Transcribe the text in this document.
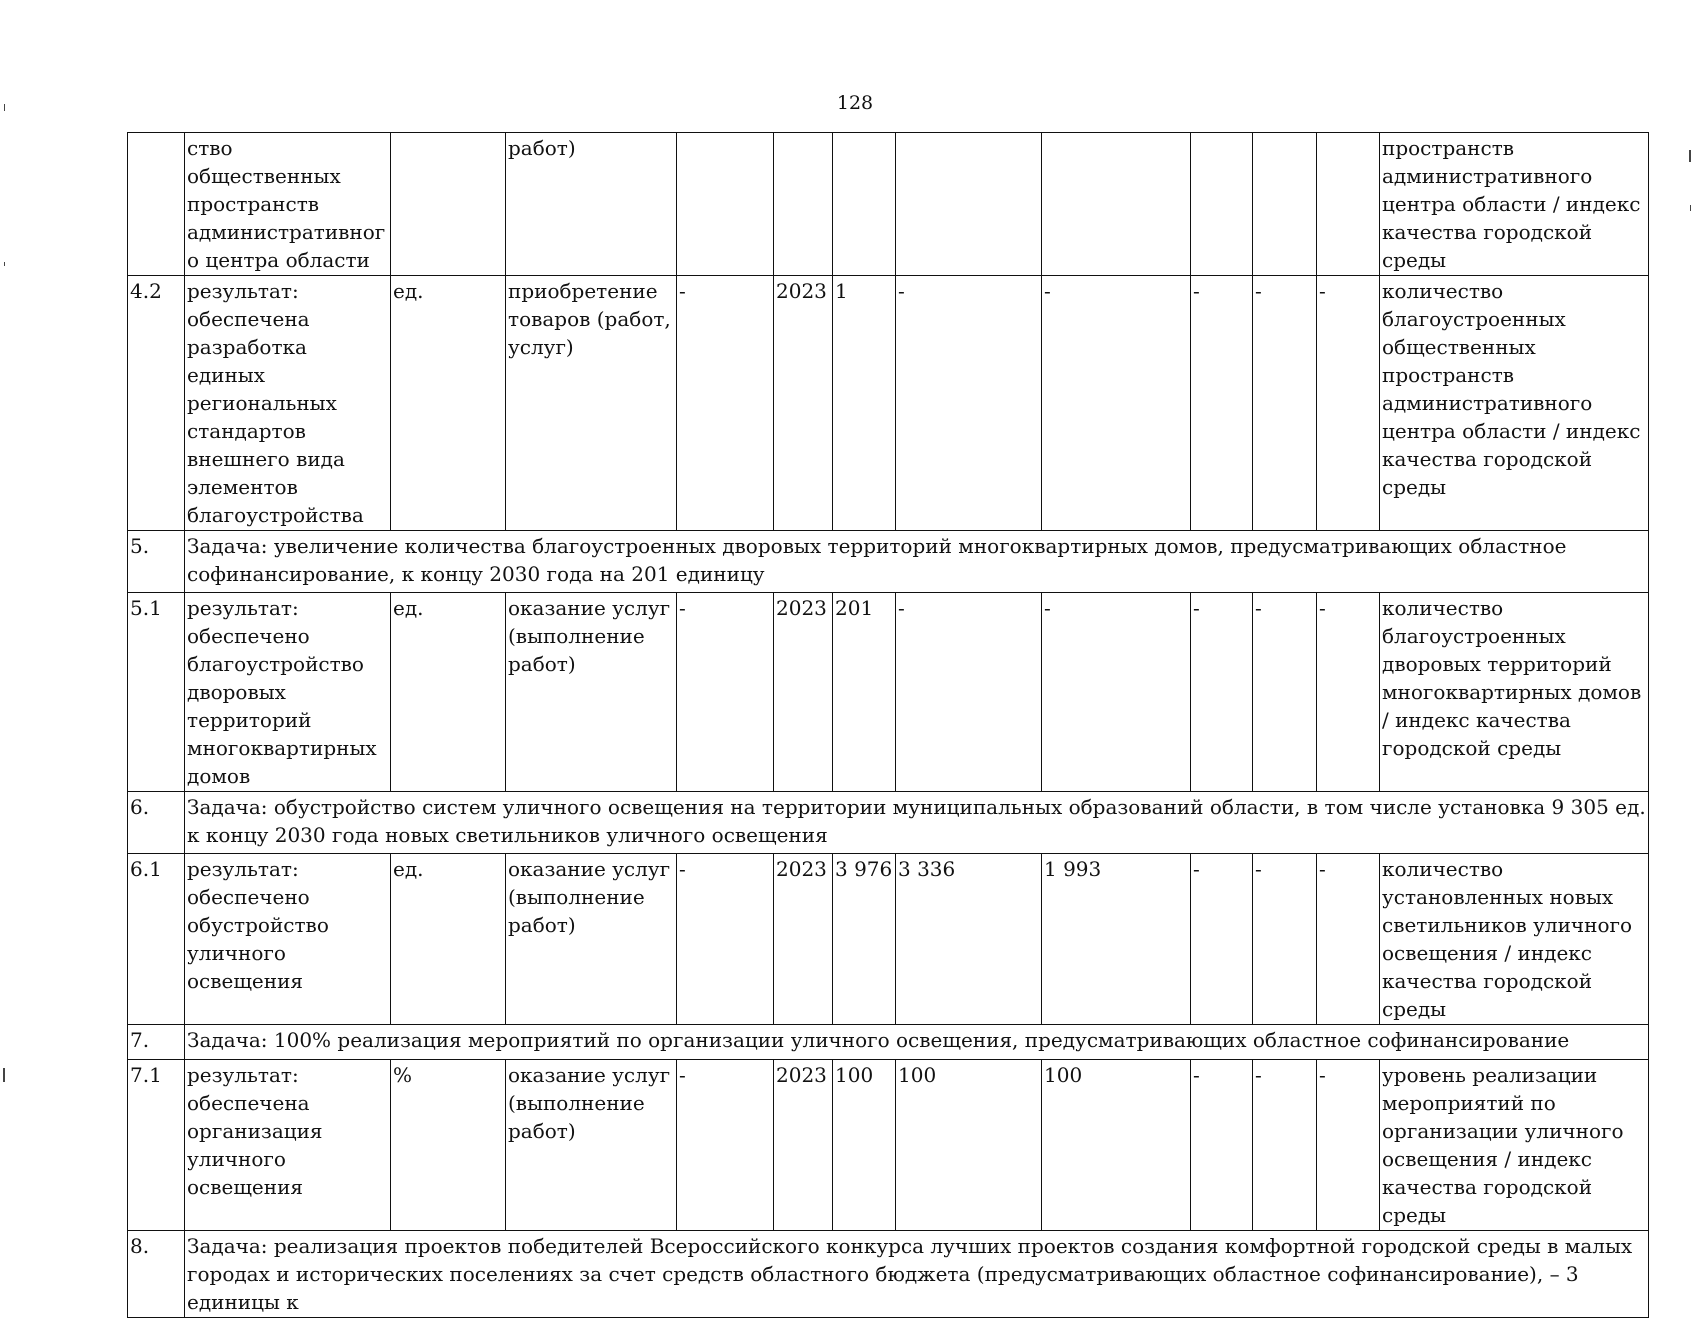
128
	ство общественных пространств административного центра области		работ)									пространств административного центра области / индекс качества городской среды
4.2	результат: обеспечена разработка единых региональных стандартов внешнего вида элементов благоустройства	ед.	приобретение товаров (работ, услуг)	-	2023	1	-	-	-	-	-	количество благоустроенных общественных пространств административного центра области / индекс качества городской среды
5.	Задача: увеличение количества благоустроенных дворовых территорий многоквартирных домов, предусматривающих областное софинансирование, к концу 2030 года на 201 единицу											
5.1	результат: обеспечено благоустройство дворовых территорий многоквартирных домов	ед.	оказание услуг (выполнение работ)	-	2023	201	-	-	-	-	-	количество благоустроенных дворовых территорий многоквартирных домов / индекс качества городской среды
6.	Задача: обустройство систем уличного освещения на территории муниципальных образований области, в том числе установка 9 305 ед. к концу 2030 года новых светильников уличного освещения											
6.1	результат: обеспечено обустройство уличного освещения	ед.	оказание услуг (выполнение работ)	-	2023	3 976	3 336	1 993	-	-	-	количество установленных новых светильников уличного освещения / индекс качества городской среды
7.	Задача: 100% реализация мероприятий по организации уличного освещения, предусматривающих областное софинансирование											
7.1	результат: обеспечена организация уличного освещения	%	оказание услуг (выполнение работ)	-	2023	100	100	100	-	-	-	уровень реализации мероприятий по организации уличного освещения / индекс качества городской среды
8.	Задача: реализация проектов победителей Всероссийского конкурса лучших проектов создания комфортной городской среды в малых городах и исторических поселениях за счет средств областного бюджета (предусматривающих областное софинансирование), – 3 единицы к											
